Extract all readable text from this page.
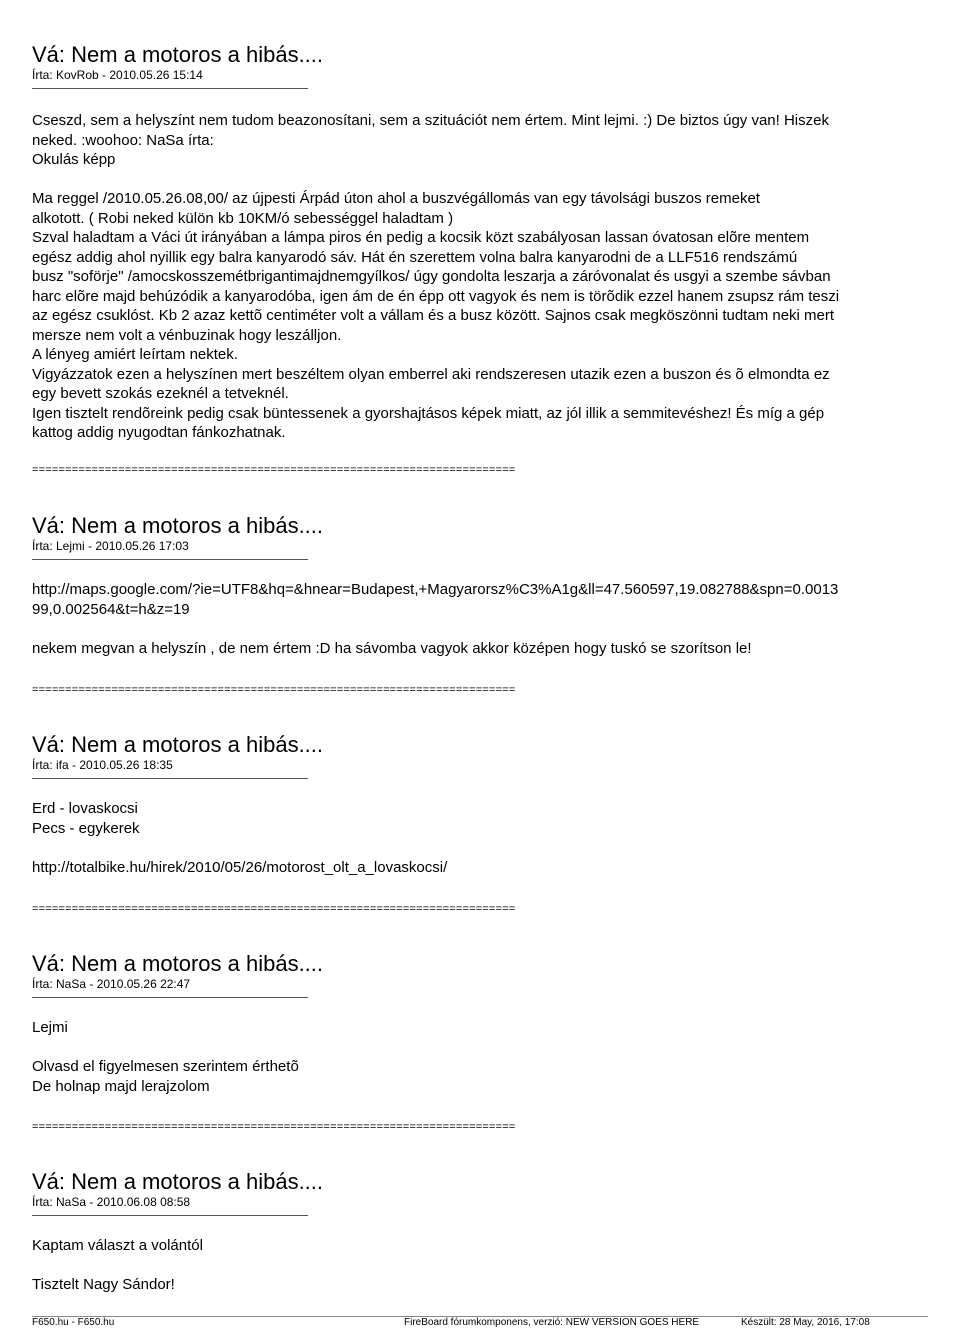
Vá: Nem a motoros a hibás....
Írta: KovRob - 2010.05.26 15:14

Cseszd, sem a helyszínt nem tudom beazonosítani, sem a szituációt nem értem. Mint lejmi. :) De biztos úgy van! Hiszek

neked. :woohoo: NaSa írta:

Okulás képp

Ma reggel /2010.05.26.08,00/ az újpesti Árpád úton ahol a buszvégállomás van egy távolsági buszos remeket

alkotott. ( Robi neked külön kb 10KM/ó sebességgel haladtam )

Szval haladtam a Váci út irányában a lámpa piros én pedig a kocsik közt szabályosan lassan óvatosan elõre mentem

egész addig ahol nyillik egy balra kanyarodó sáv. Hát én szerettem volna balra kanyarodni de a LLF516 rendszámú

busz "soförje" /amocskosszemétbrigantimajdnemgyílkos/ úgy gondolta leszarja a záróvonalat és usgyi a szembe sávban

harc elõre majd behúzódik a kanyarodóba, igen ám de én épp ott vagyok és nem is törõdik ezzel hanem zsupsz rám teszi

az egész csuklóst. Kb 2 azaz kettõ centiméter volt a vállam és a busz között. Sajnos csak megköszönni tudtam neki mert

mersze nem volt a vénbuzinak hogy leszálljon.

A lényeg amiért leírtam nektek.

Vigyázzatok ezen a helyszínen mert beszéltem olyan emberrel aki rendszeresen utazik ezen a buszon és õ elmondta ez

egy bevett szokás ezeknél a tetveknél.

Igen tisztelt rendõreink pedig csak büntessenek a gyorshajtásos képek miatt, az jól illik a semmitevéshez! És míg a gép

kattog addig nyugodtan fánkozhatnak.

=========================================================================
Vá: Nem a motoros a hibás....
Írta: Lejmi - 2010.05.26 17:03

http://maps.google.com/?ie=UTF8&hq=&hnear=Budapest,+Magyarorsz%C3%A1g&ll=47.560597,19.082788&spn=0.0013

99,0.002564&t=h&z=19

nekem megvan a helyszín , de nem értem :D ha sávomba vagyok akkor középen hogy tuskó se szorítson le!

=========================================================================
Vá: Nem a motoros a hibás....
Írta: ifa - 2010.05.26 18:35

Erd - lovaskocsi

Pecs - egykerek

http://totalbike.hu/hirek/2010/05/26/motorost_olt_a_lovaskocsi/

=========================================================================
Vá: Nem a motoros a hibás....
Írta: NaSa - 2010.05.26 22:47

Lejmi

Olvasd el figyelmesen szerintem érthetõ

De holnap majd lerajzolom

=========================================================================
Vá: Nem a motoros a hibás....
Írta: NaSa - 2010.06.08 08:58

Kaptam választ a volántól

Tisztelt Nagy Sándor!

F650.hu - F650.hu	FireBoard fórumkomponens, verzió: NEW VERSION GOES HERE	Készült: 28 May, 2016, 17:08
